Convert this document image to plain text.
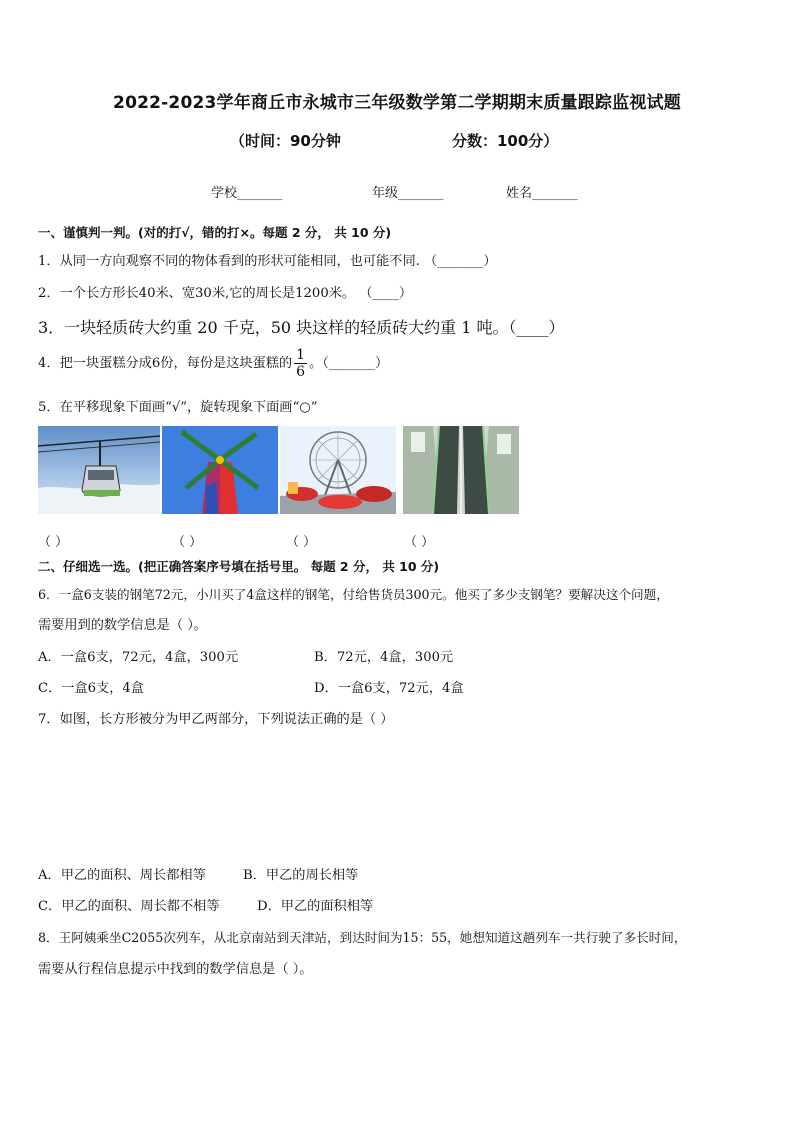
2022-2023学年商丘市永城市三年级数学第二学期期末质量跟踪监视试题
（时间：90分钟	分数：100分）
学校_______	年级_______	姓名_______
一、谨慎判一判。(对的打√，错的打×。每题 2 分， 共 10 分)
1．从同一方向观察不同的物体看到的形状可能相同，也可能不同. （_______）
2．一个长方形长40米、宽30米,它的周长是1200米。 （____）
3．一块轻质砖大约重 20 千克，50 块这样的轻质砖大约重 1 吨。（____）
4．把一块蛋糕分成6份，每份是这块蛋糕的 $\frac{1}{6}$ 。（_______）
5．在平移现象下面画“√”，旋转现象下面画“○”
（ ）	（ ）	（ ）	（ ）
二、仔细选一选。(把正确答案序号填在括号里。 每题 2 分， 共 10 分)
6．一盒6支装的钢笔72元，小川买了4盒这样的钢笔，付给售货员300元。他买了多少支钢笔？要解决这个问题，
需要用到的数学信息是（ ）。
A．一盒6支，72元，4盒，300元	B．72元，4盒，300元
C．一盒6支，4盒	D．一盒6支，72元，4盒
7．如图，长方形被分为甲乙两部分，下列说法正确的是（ ）
A．甲乙的面积、周长都相等	B．甲乙的周长相等
C．甲乙的面积、周长都不相等	D．甲乙的面积相等
8．王阿姨乘坐C2055次列车，从北京南站到天津站，到达时间为15：55，她想知道这趟列车一共行驶了多长时间，
需要从行程信息提示中找到的数学信息是（ ）。
